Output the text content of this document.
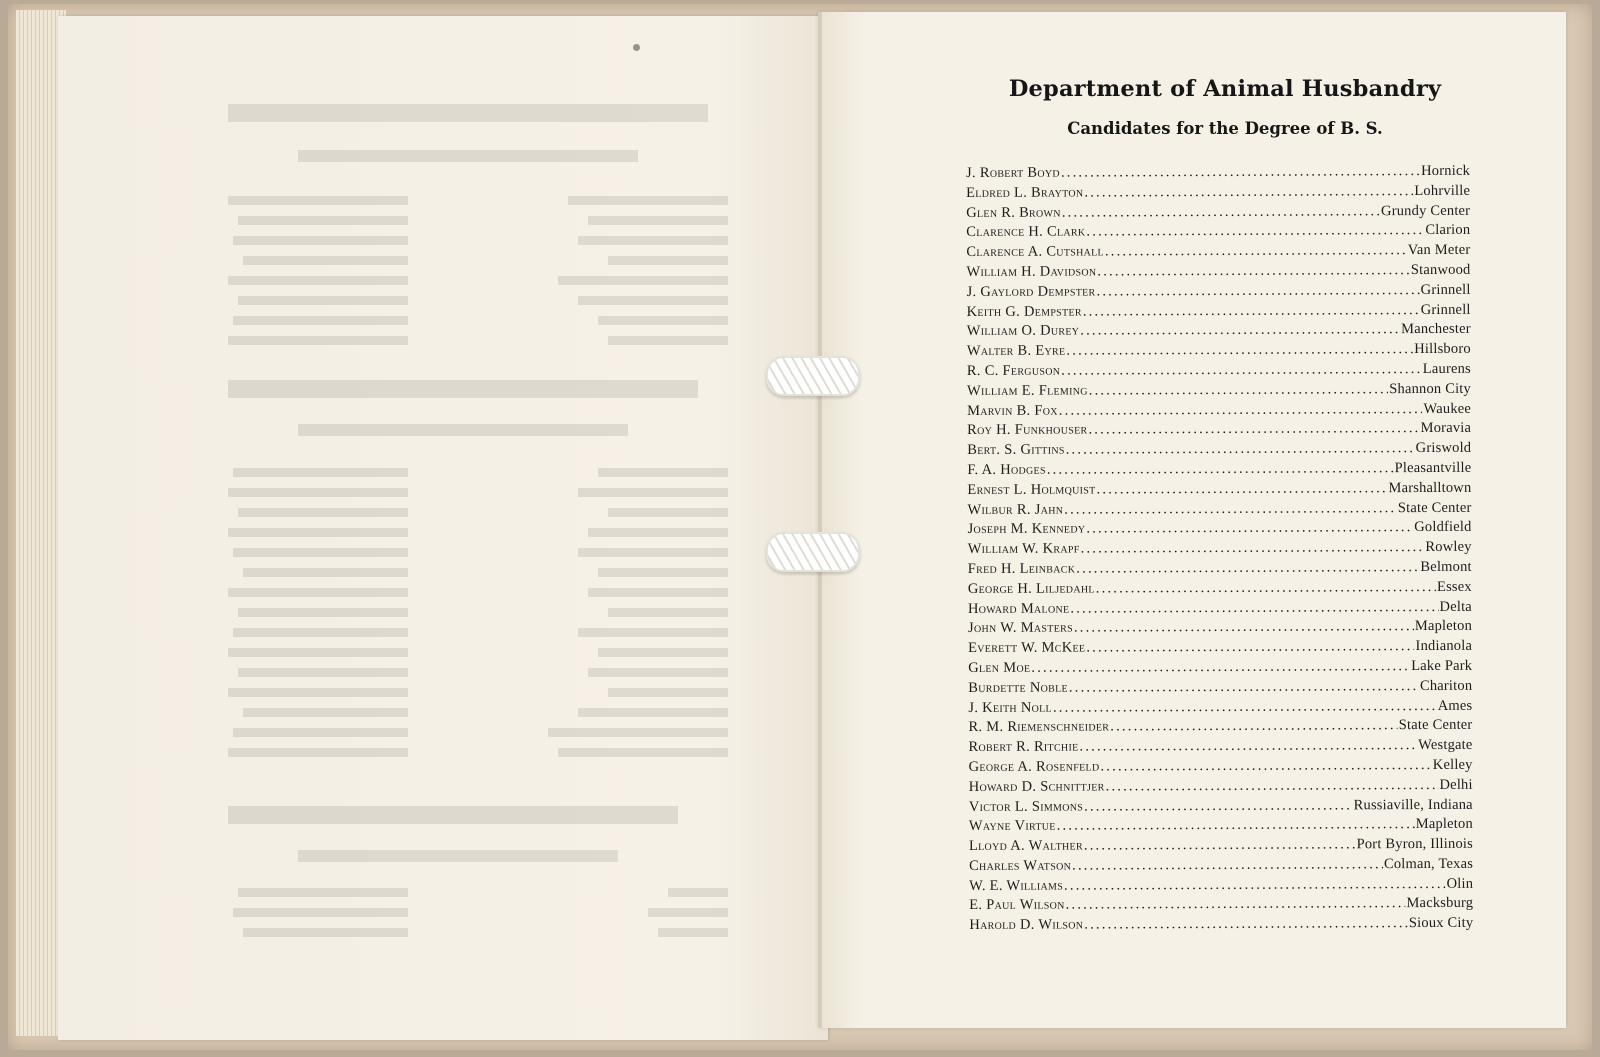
Department of Animal Husbandry
Candidates for the Degree of B. S.
J. Robert Boyd .....	Hornick
Eldred L. Brayton .....	Lohrville
Glen R. Brown .....	Grundy Center
Clarence H. Clark .....	Clarion
Clarence A. Cutshall .....	Van Meter
William H. Davidson .....	Stanwood
J. Gaylord Dempster .....	Grinnell
Keith G. Dempster .....	Grinnell
William O. Durey .....	Manchester
Walter B. Eyre .....	Hillsboro
R. C. Ferguson .....	Laurens
William E. Fleming .....	Shannon City
Marvin B. Fox .....	Waukee
Roy H. Funkhouser .....	Moravia
Bert. S. Gittins .....	Griswold
F. A. Hodges .....	Pleasantville
Ernest L. Holmquist .....	Marshalltown
Wilbur R. Jahn .....	State Center
Joseph M. Kennedy .....	Goldfield
William W. Krapf .....	Rowley
Fred H. Leinback .....	Belmont
George H. Liljedahl .....	Essex
Howard Malone .....	Delta
John W. Masters .....	Mapleton
Everett W. McKee .....	Indianola
Glen Moe .....	Lake Park
Burdette Noble .....	Chariton
J. Keith Noll .....	Ames
R. M. Riemenschneider .....	State Center
Robert R. Ritchie .....	Westgate
George A. Rosenfeld .....	Kelley
Howard D. Schnittjer .....	Delhi
Victor L. Simmons .....	Russiaville, Indiana
Wayne Virtue .....	Mapleton
Lloyd A. Walther .....	Port Byron, Illinois
Charles Watson .....	Colman, Texas
W. E. Williams .....	Olin
E. Paul Wilson .....	Macksburg
Harold D. Wilson .....	Sioux City
